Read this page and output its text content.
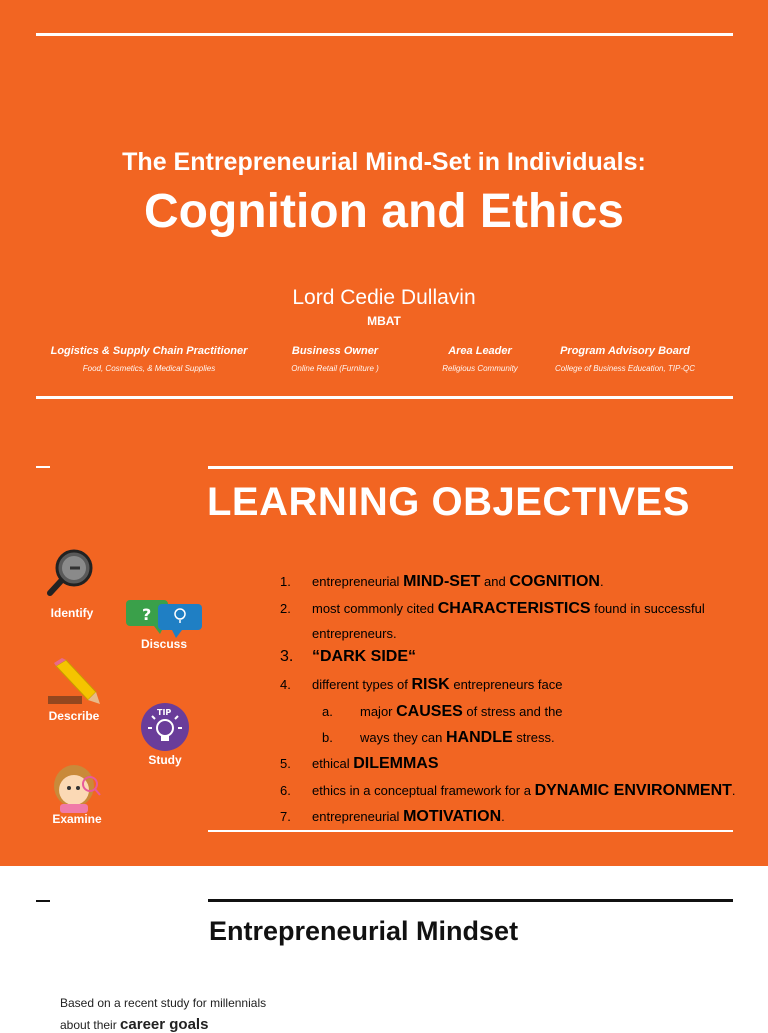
The Entrepreneurial Mind-Set in Individuals:
Cognition and Ethics
Lord Cedie Dullavin
MBAT
Logistics & Supply Chain Practitioner
Food, Cosmetics, & Medical Supplies
Business Owner
Online Retail (Furniture )
Area Leader
Religious Community
Program Advisory Board
College of Business Education, TIP-QC
LEARNING OBJECTIVES
Identify	?
Discuss
Describe	TIP
Study
Examine
1. entrepreneurial MIND-SET and COGNITION.
2. most commonly cited CHARACTERISTICS found in successful
entrepreneurs.
3. “DARK SIDE“
4. different types of RISK entrepreneurs face
a. major CAUSES of stress and the
b. ways they can HANDLE stress.
5. ethical DILEMMAS
6. ethics in a conceptual framework for a DYNAMIC ENVIRONMENT.
7. entrepreneurial MOTIVATION.
Entrepreneurial Mindset
Based on a recent study for millennials
about their career goals
